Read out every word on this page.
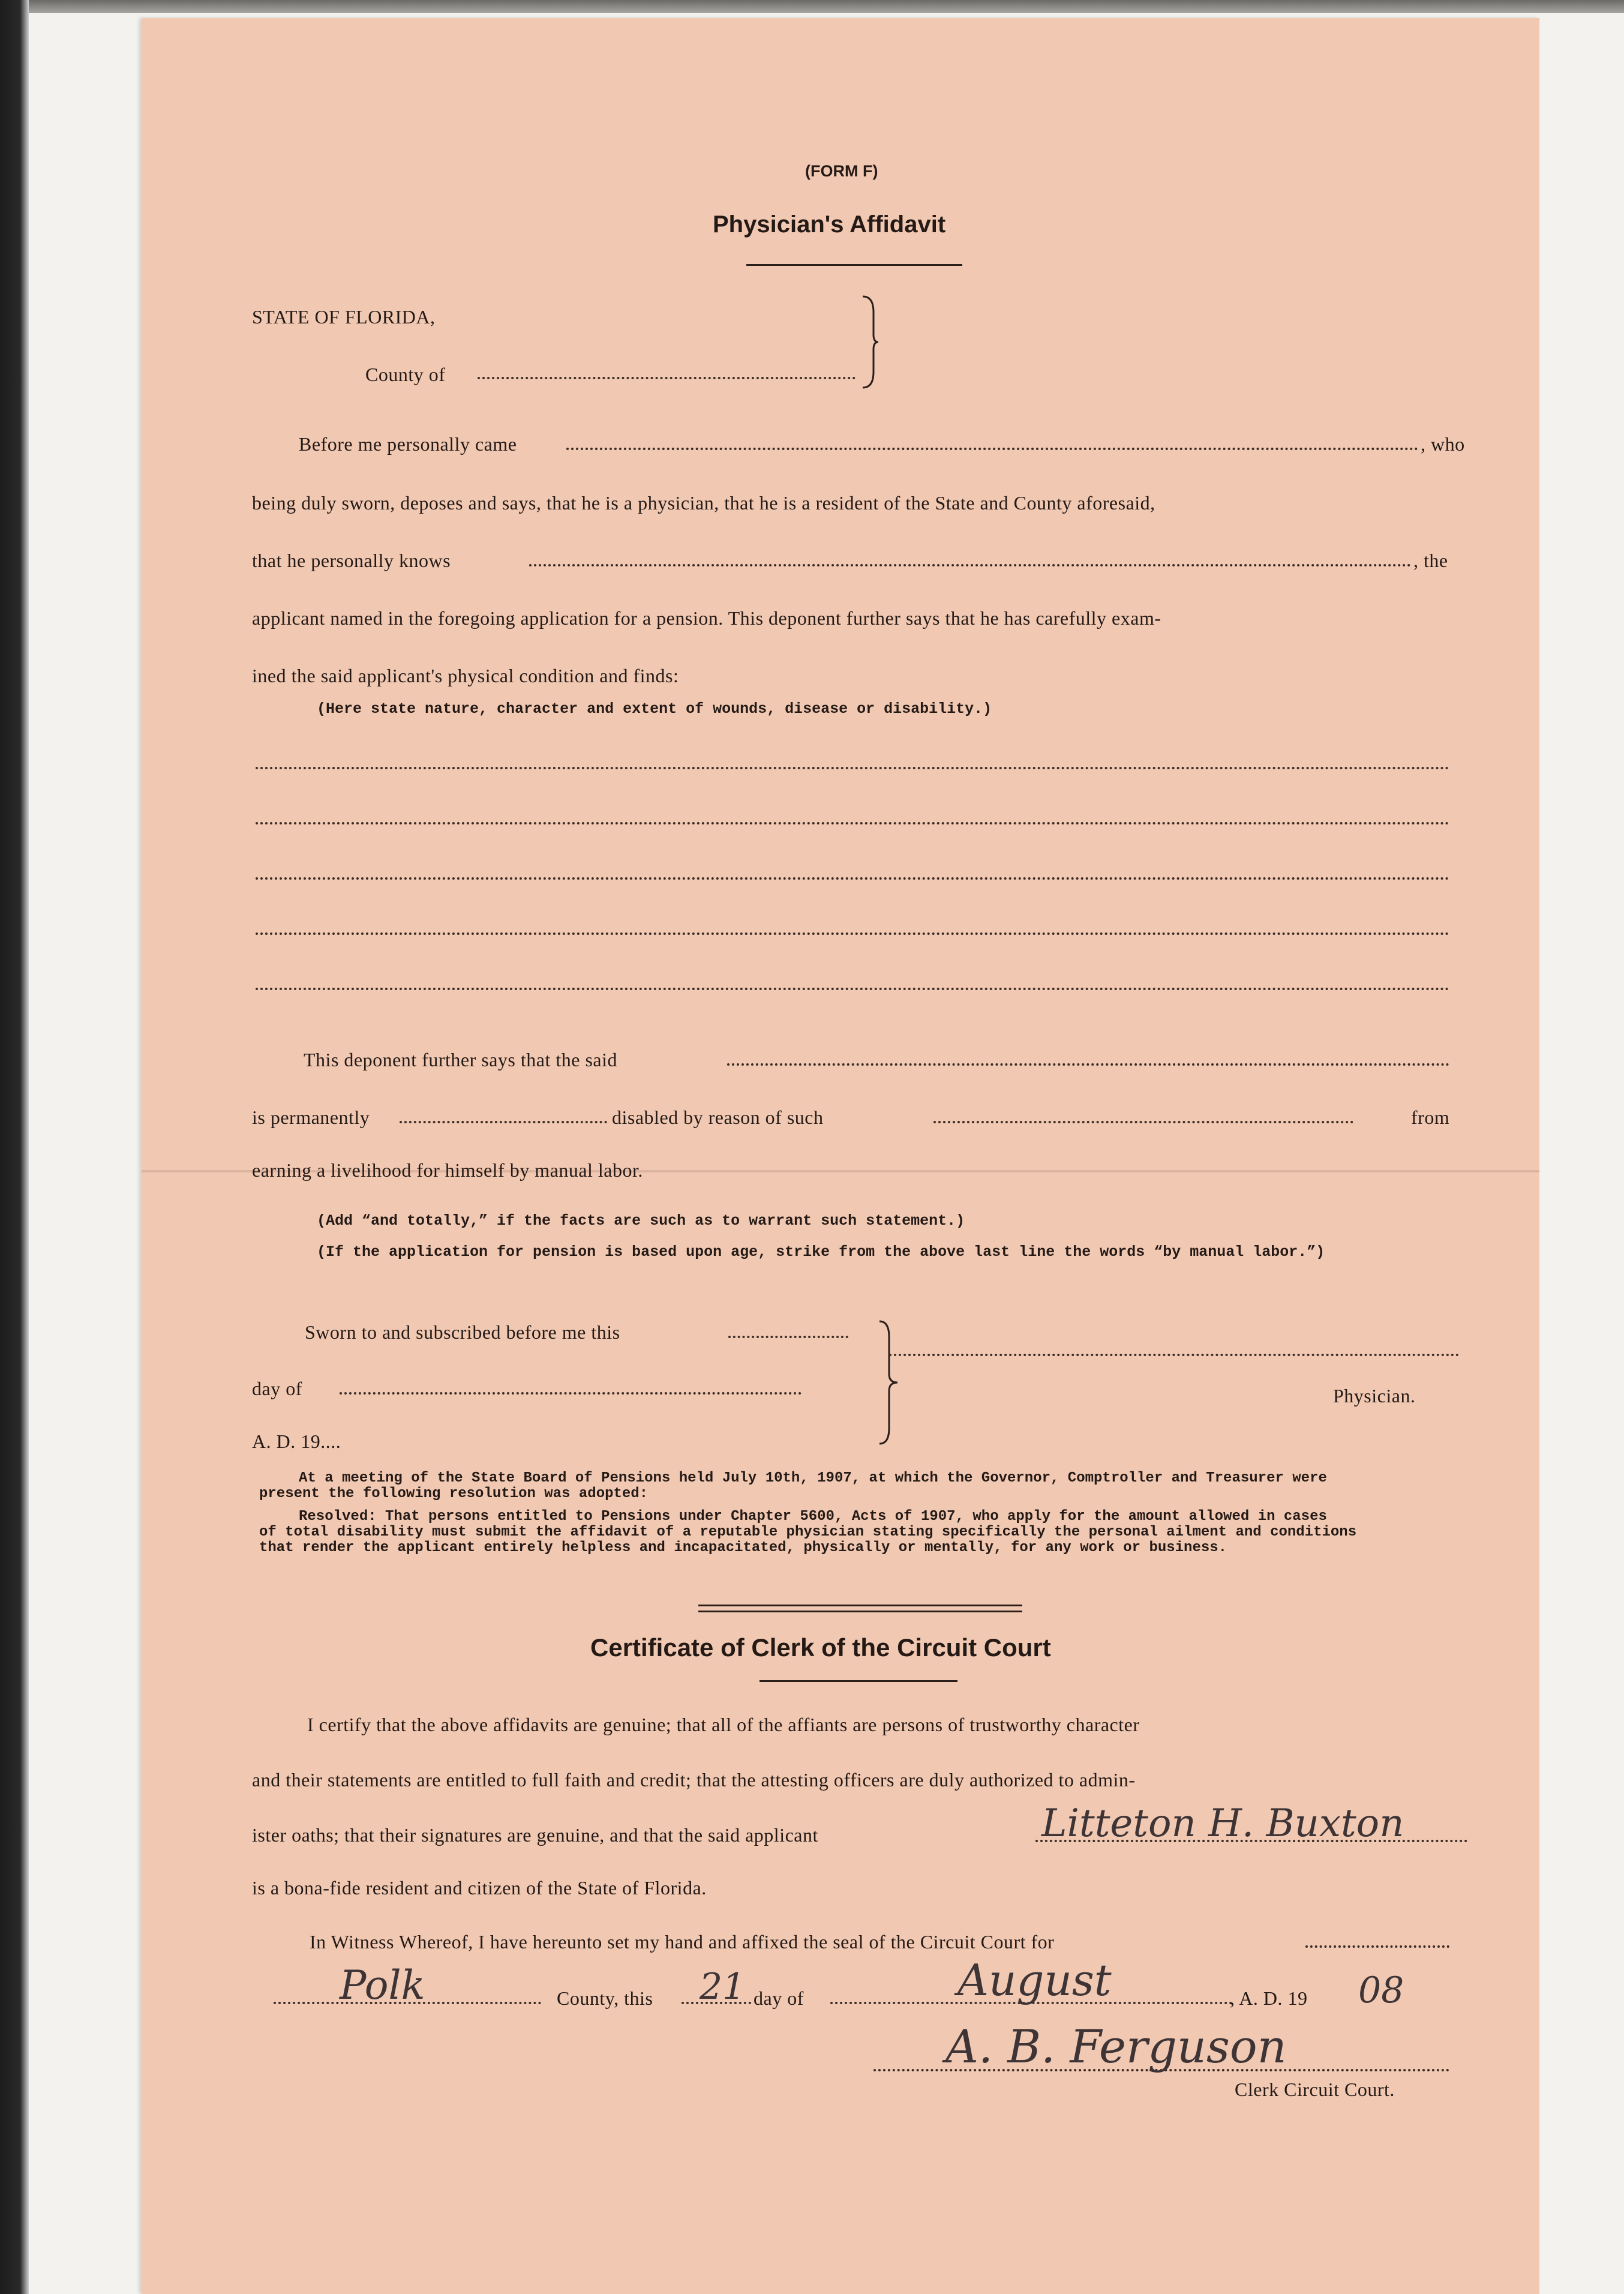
(FORM F)
Physician's Affidavit
STATE OF FLORIDA,
County of
Before me personally came	, who
being duly sworn, deposes and says, that he is a physician, that he is a resident of the State and County aforesaid,
that he personally knows	, the
applicant named in the foregoing application for a pension. This deponent further says that he has carefully exam-
ined the said applicant's physical condition and finds:
(Here state nature, character and extent of wounds, disease or disability.)
This deponent further says that the said
is permanently	disabled by reason of such	from
earning a livelihood for himself by manual labor.
(Add “and totally,” if the facts are such as to warrant such statement.)
(If the application for pension is based upon age, strike from the above last line the words “by manual labor.”)
Sworn to and subscribed before me this
day of
A. D. 19....
Physician.
At a meeting of the State Board of Pensions held July 10th, 1907, at which the Governor, Comptroller and Treasurer were
present the following resolution was adopted:
Resolved: That persons entitled to Pensions under Chapter 5600, Acts of 1907, who apply for the amount allowed in cases
of total disability must submit the affidavit of a reputable physician stating specifically the personal ailment and conditions
that render the applicant entirely helpless and incapacitated, physically or mentally, for any work or business.
Certificate of Clerk of the Circuit Court
I certify that the above affidavits are genuine; that all of the affiants are persons of trustworthy character
and their statements are entitled to full faith and credit; that the attesting officers are duly authorized to admin-
ister oaths; that their signatures are genuine, and that the said applicant	Litteton H. Buxton
is a bona-fide resident and citizen of the State of Florida.
In Witness Whereof, I have hereunto set my hand and affixed the seal of the Circuit Court for
Polk	County, this 21 day of	August	, A. D. 19 08
A. B. Ferguson
Clerk Circuit Court.
